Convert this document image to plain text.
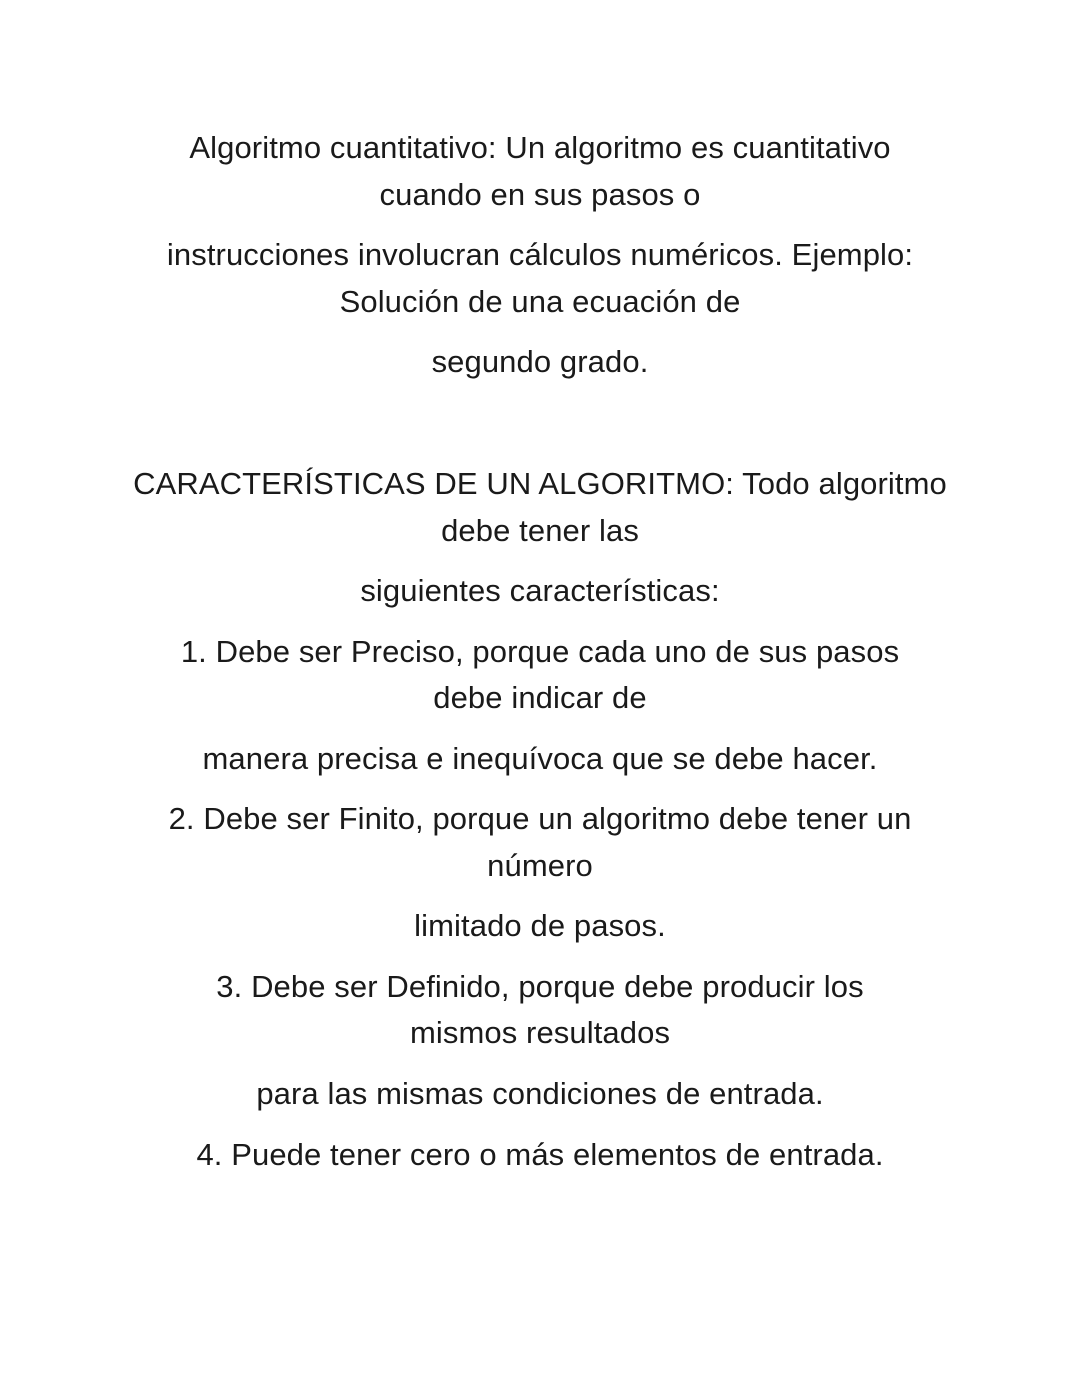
Algoritmo cuantitativo: Un algoritmo es cuantitativo
cuando en sus pasos o
instrucciones involucran cálculos numéricos. Ejemplo:
Solución de una ecuación de
segundo grado.
CARACTERÍSTICAS DE UN ALGORITMO: Todo algoritmo
debe tener las
siguientes características:
1. Debe ser Preciso, porque cada uno de sus pasos
debe indicar de
manera precisa e inequívoca que se debe hacer.
2. Debe ser Finito, porque un algoritmo debe tener un
número
limitado de pasos.
3. Debe ser Definido, porque debe producir los
mismos resultados
para las mismas condiciones de entrada.
4. Puede tener cero o más elementos de entrada.
